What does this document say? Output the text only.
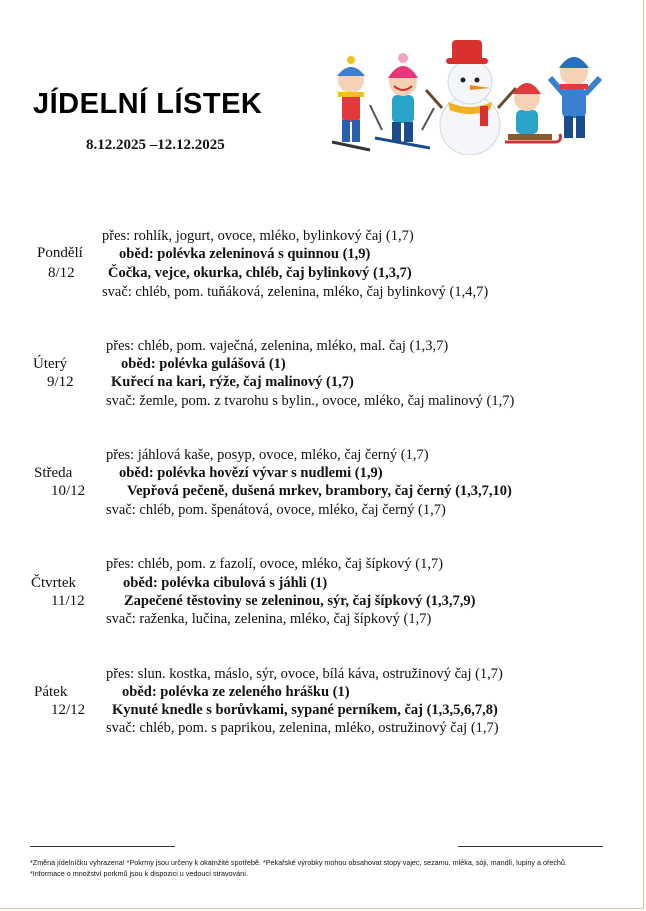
JÍDELNÍ LÍSTEK
8.12.2025 –12.12.2025
přes: rohlík, jogurt, ovoce, mléko, bylinkový čaj (1,7)
Pondělí oběd: polévka zeleninová s quinnou (1,9)
8/12 Čočka, vejce, okurka, chléb, čaj bylinkový (1,3,7)
svač: chléb, pom. tuňáková, zelenina, mléko, čaj bylinkový (1,4,7)
přes: chléb, pom. vaječná, zelenina, mléko, mal. čaj (1,3,7)
Úterý	oběd: polévka gulášová (1)
9/12	Kuřecí na kari, rýže, čaj malinový (1,7)
svač: žemle, pom. z tvarohu s bylin., ovoce, mléko, čaj malinový (1,7)
přes: jáhlová kaše, posyp, ovoce, mléko, čaj černý (1,7)
Středa	oběd: polévka hovězí vývar s nudlemi (1,9)
10/12	Vepřová pečeně, dušená mrkev, brambory, čaj černý (1,3,7,10)
svač: chléb, pom. špenátová, ovoce, mléko, čaj černý (1,7)
přes: chléb, pom. z fazolí, ovoce, mléko, čaj šípkový (1,7)
Čtvrtek	oběd: polévka cibulová s jáhli (1)
11/12	Zapečené těstoviny se zeleninou, sýr, čaj šípkový (1,3,7,9)
svač: raženka, lučina, zelenina, mléko, čaj šípkový (1,7)
přes: slun. kostka, máslo, sýr, ovoce, bílá káva, ostružinový čaj (1,7)
Pátek	oběd: polévka ze zeleného hrášku (1)
12/12 Kynuté knedle s borůvkami, sypané perníkem, čaj (1,3,5,6,7,8)
svač: chléb, pom. s paprikou, zelenina, mléko, ostružinový čaj (1,7)
*Změna jídelníčku vyhrazena! *Pokrmy jsou určeny k okamžité spotřebě. *Pekařské výrobky mohou obsahovat stopy vajec, sezamu, mléka, sóji, mandlí, lupiny a ořechů.
*Informace o množství porkmů jsou k dispozici u vedoucí stravování.
